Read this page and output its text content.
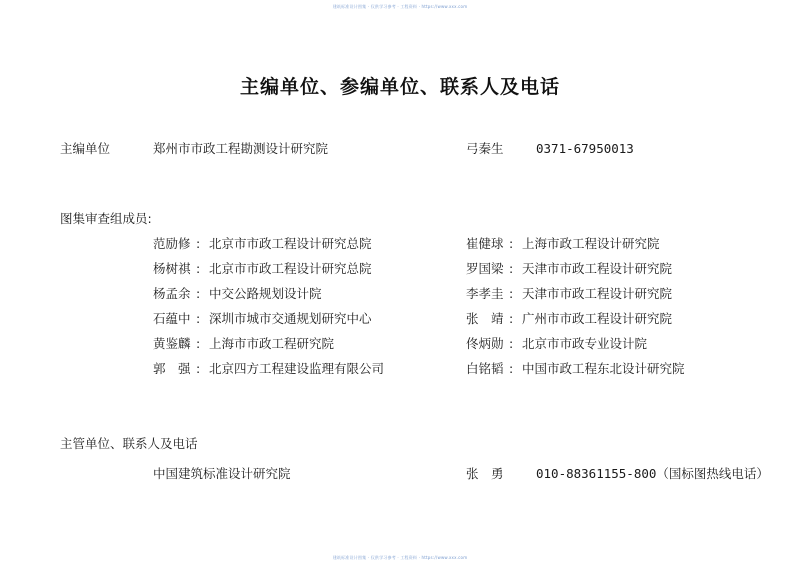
建筑标准设计图集 · 仅供学习参考 · 工程资料 · https://www.xxx.com
主编单位、参编单位、联系人及电话
主编单位	郑州市市政工程勘测设计研究院	弓秦生	0371-67950013
图集审查组成员:
范励修 : 北京市市政工程设计研究总院	崔健球 : 上海市政工程设计研究院
杨树祺 : 北京市市政工程设计研究总院	罗国梁 : 天津市市政工程设计研究院
杨孟余 : 中交公路规划设计院	李孝圭 : 天津市市政工程设计研究院
石蕴中 : 深圳市城市交通规划研究中心	张　靖 : 广州市市政工程设计研究院
黄鉴麟 : 上海市市政工程研究院	佟炳勋 : 北京市市政专业设计院
郭　强 : 北京四方工程建设监理有限公司	白铭韬 : 中国市政工程东北设计研究院
主管单位、联系人及电话
中国建筑标准设计研究院	张　勇	010-88361155-800（国标图热线电话）
建筑标准设计图集 · 仅供学习参考 · 工程资料 · https://www.xxx.com
